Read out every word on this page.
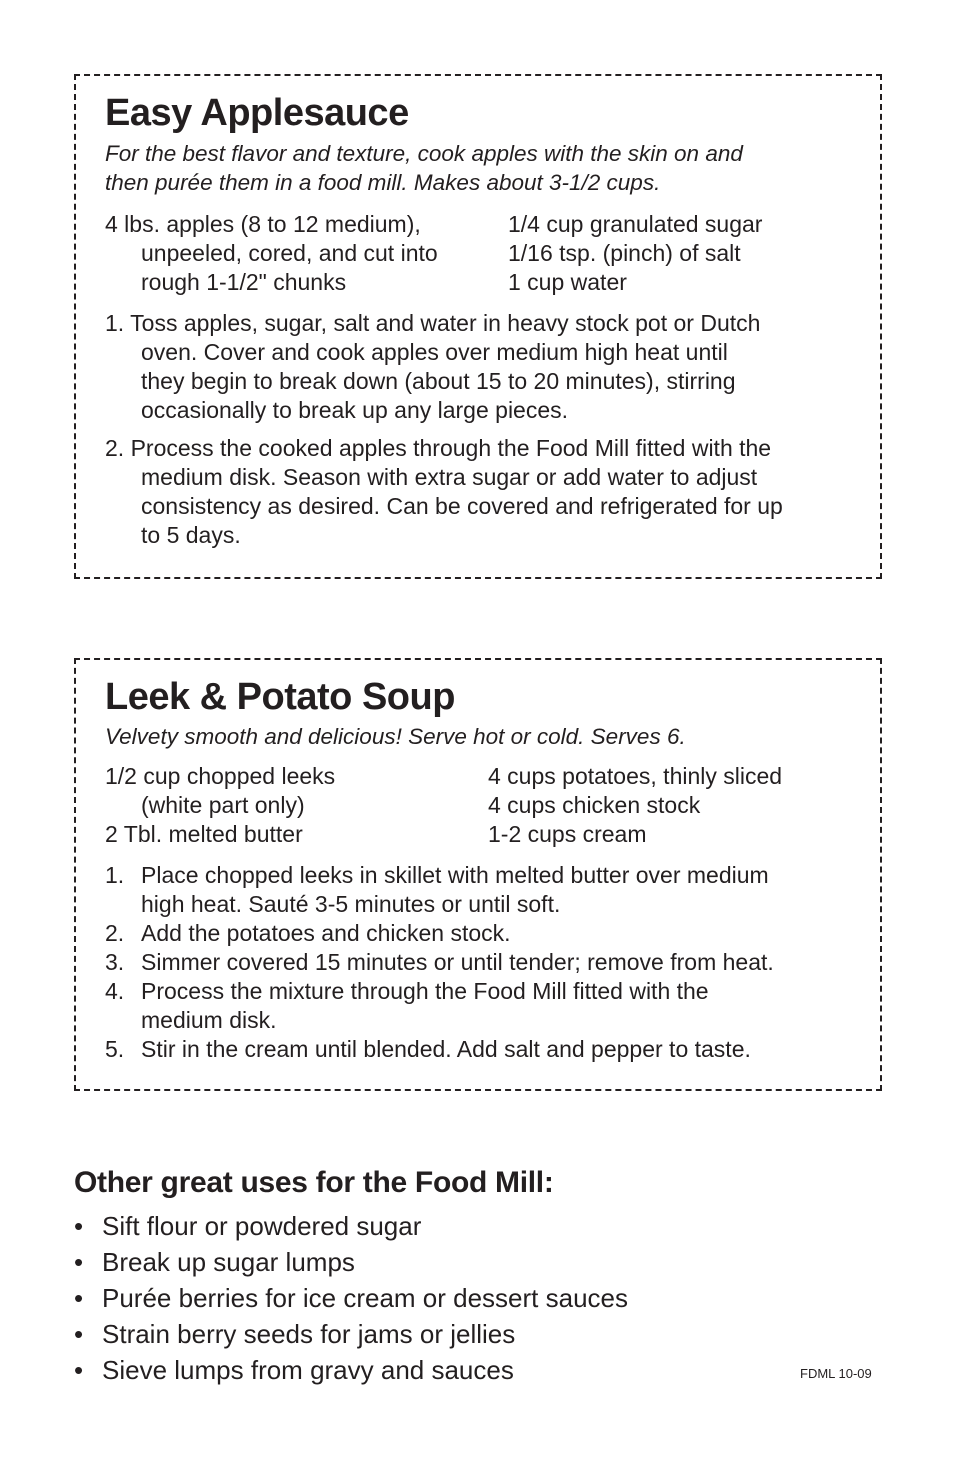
Easy Applesauce

For the best flavor and texture, cook apples with the skin on and
then purée them in a food mill. Makes about 3-1/2 cups.

4 lbs. apples (8 to 12 medium),
unpeeled, cored, and cut into
rough 1-1/2" chunks
1/4 cup granulated sugar
1/16 tsp. (pinch) of salt
1 cup water
1. Toss apples, sugar, salt and water in heavy stock pot or Dutch
oven. Cover and cook apples over medium high heat until
they begin to break down (about 15 to 20 minutes), stirring
occasionally to break up any large pieces.
2. Process the cooked apples through the Food Mill fitted with the
medium disk. Season with extra sugar or add water to adjust
consistency as desired. Can be covered and refrigerated for up
to 5 days.
Leek & Potato Soup

Velvety smooth and delicious! Serve hot or cold. Serves 6.

1/2 cup chopped leeks
(white part only)
2 Tbl. melted butter
4 cups potatoes, thinly sliced
4 cups chicken stock
1-2 cups cream
1. Place chopped leeks in skillet with melted butter over medium
high heat. Sauté 3-5 minutes or until soft.
2. Add the potatoes and chicken stock.
3. Simmer covered 15 minutes or until tender; remove from heat.
4. Process the mixture through the Food Mill fitted with the
medium disk.
5. Stir in the cream until blended. Add salt and pepper to taste.
Other great uses for the Food Mill:
• Sift flour or powdered sugar
• Break up sugar lumps
• Purée berries for ice cream or dessert sauces
• Strain berry seeds for jams or jellies
• Sieve lumps from gravy and sauces	FDML 10-09
